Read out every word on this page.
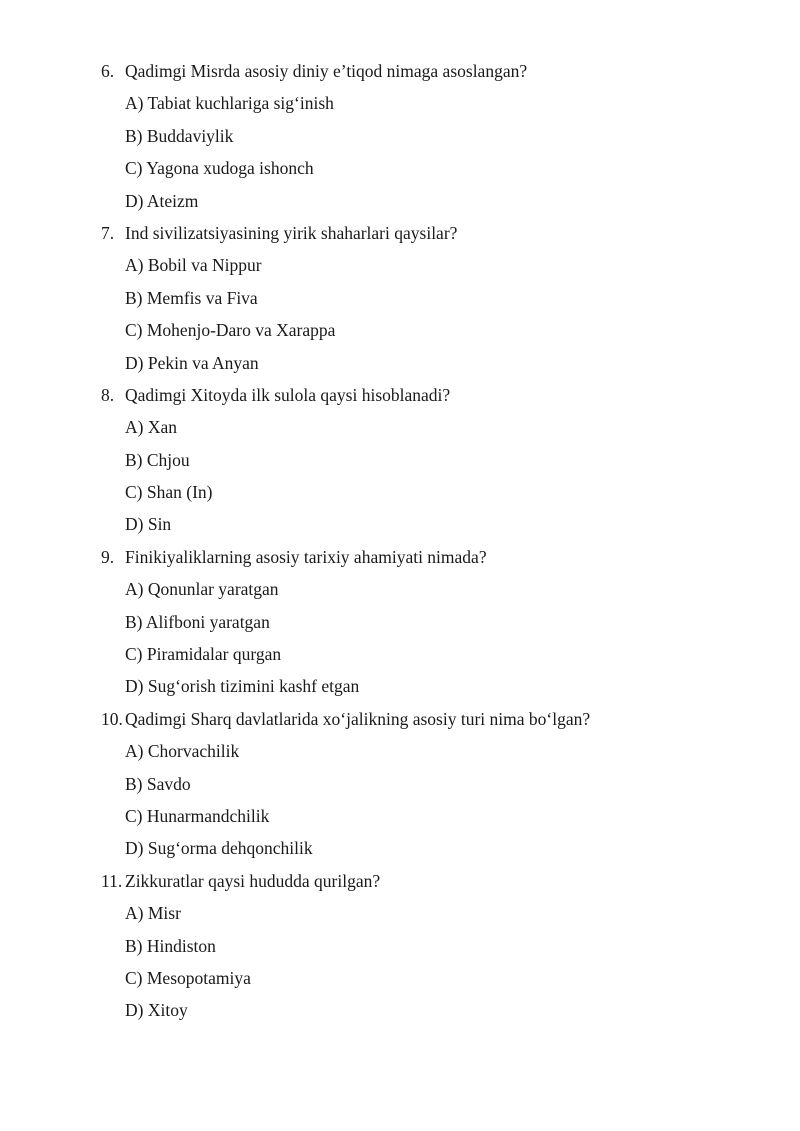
6. Qadimgi Misrda asosiy diniy e’tiqod nimaga asoslangan?
A) Tabiat kuchlariga sig‘inish
B) Buddaviylik
C) Yagona xudoga ishonch
D) Ateizm
7. Ind sivilizatsiyasining yirik shaharlari qaysilar?
A) Bobil va Nippur
B) Memfis va Fiva
C) Mohenjo-Daro va Xarappa
D) Pekin va Anyan
8. Qadimgi Xitoyda ilk sulola qaysi hisoblanadi?
A) Xan
B) Chjou
C) Shan (In)
D) Sin
9. Finikiyaliklarning asosiy tarixiy ahamiyati nimada?
A) Qonunlar yaratgan
B) Alifboni yaratgan
C) Piramidalar qurgan
D) Sug‘orish tizimini kashf etgan
10. Qadimgi Sharq davlatlarida xo‘jalikning asosiy turi nima bo‘lgan?
A) Chorvachilik
B) Savdo
C) Hunarmandchilik
D) Sug‘orma dehqonchilik
11. Zikkuratlar qaysi hududda qurilgan?
A) Misr
B) Hindiston
C) Mesopotamiya
D) Xitoy
